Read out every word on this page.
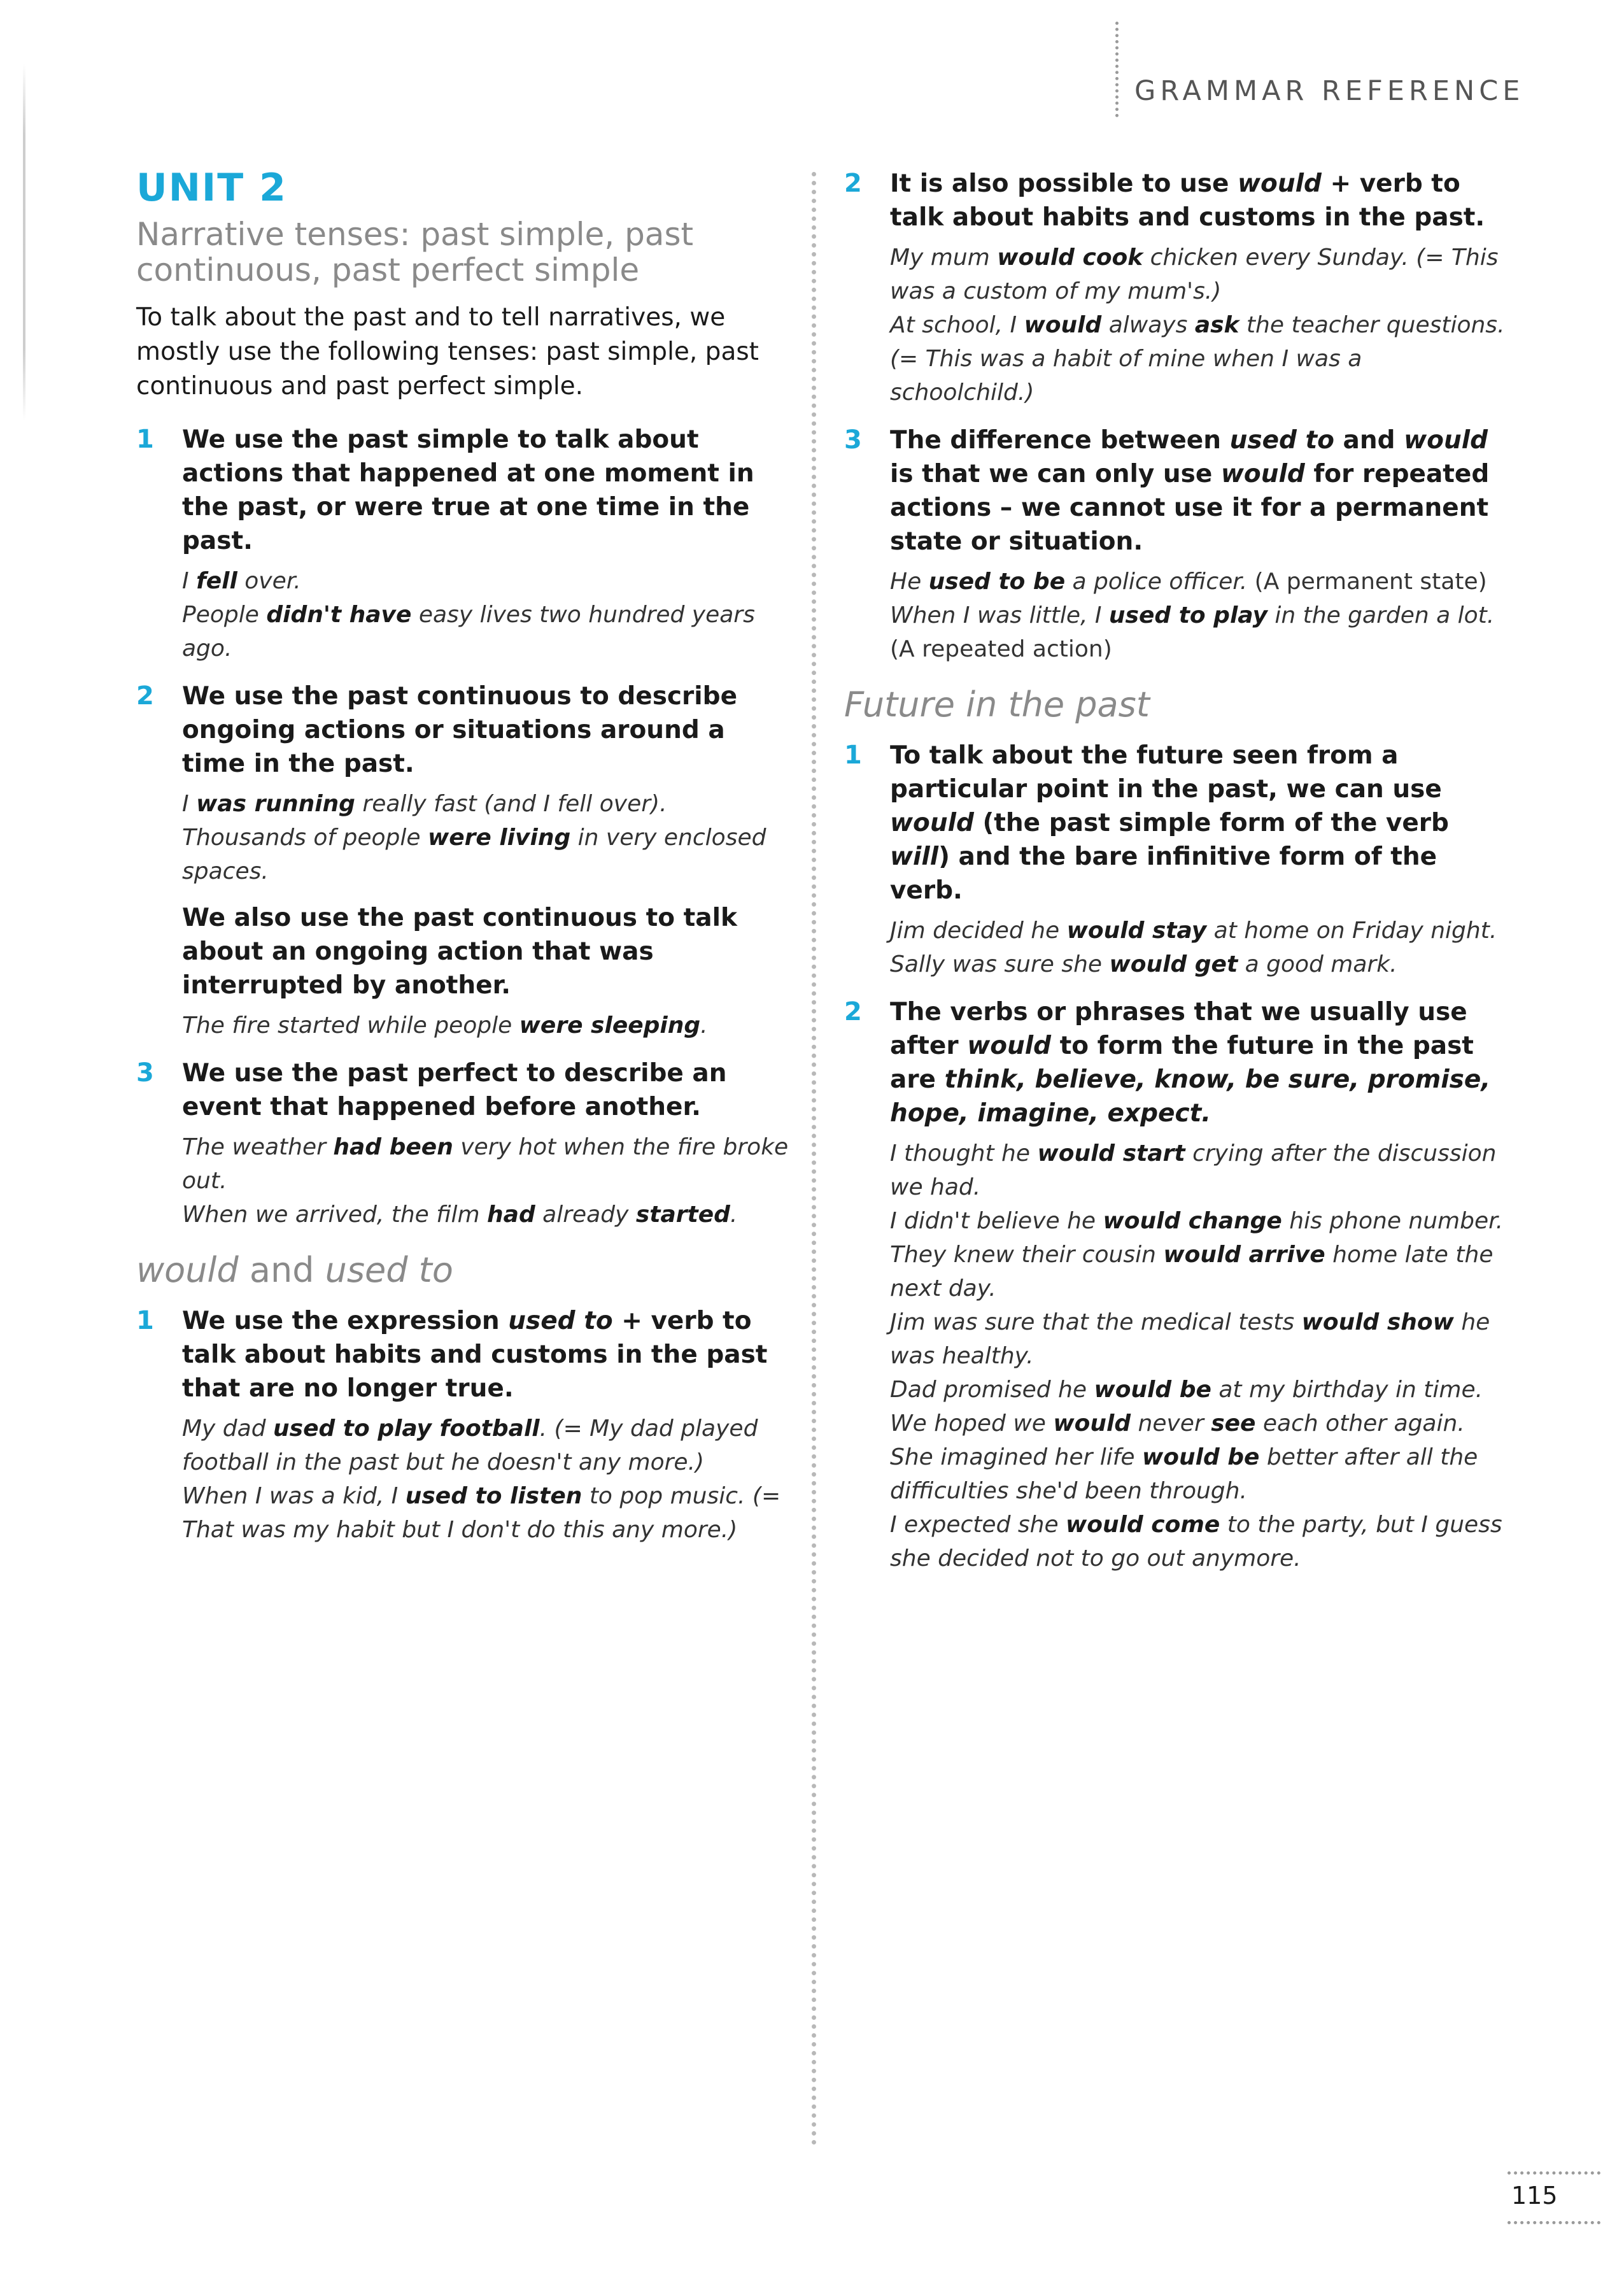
GRAMMAR REFERENCE
UNIT 2
Narrative tenses: past simple, past continuous, past perfect simple

To talk about the past and to tell narratives, we mostly use the following tenses: past simple, past continuous and past perfect simple.

1 We use the past simple to talk about actions that happened at one moment in the past, or were true at one time in the past.

I fell over.

People didn't have easy lives two hundred years ago.

2 We use the past continuous to describe ongoing actions or situations around a time in the past.

I was running really fast (and I fell over).

Thousands of people were living in very enclosed spaces.

We also use the past continuous to talk about an ongoing action that was interrupted by another.

The fire started while people were sleeping.

3 We use the past perfect to describe an event that happened before another.

The weather had been very hot when the fire broke out.

When we arrived, the film had already started.

would and used to
1 We use the expression used to + verb to talk about habits and customs in the past that are no longer true.

My dad used to play football. (= My dad played football in the past but he doesn't any more.)

When I was a kid, I used to listen to pop music. (= That was my habit but I don't do this any more.)

2 It is also possible to use would + verb to talk about habits and customs in the past.

My mum would cook chicken every Sunday. (= This was a custom of my mum's.)

At school, I would always ask the teacher questions. (= This was a habit of mine when I was a schoolchild.)

3 The difference between used to and would is that we can only use would for repeated actions – we cannot use it for a permanent state or situation.

He used to be a police officer. (A permanent state)

When I was little, I used to play in the garden a lot. (A repeated action)

Future in the past
1 To talk about the future seen from a particular point in the past, we can use would (the past simple form of the verb will) and the bare infinitive form of the verb.

Jim decided he would stay at home on Friday night.

Sally was sure she would get a good mark.

2 The verbs or phrases that we usually use after would to form the future in the past are think, believe, know, be sure, promise, hope, imagine, expect.

I thought he would start crying after the discussion we had.

I didn't believe he would change his phone number.

They knew their cousin would arrive home late the next day.

Jim was sure that the medical tests would show he was healthy.

Dad promised he would be at my birthday in time.

We hoped we would never see each other again.

She imagined her life would be better after all the difficulties she'd been through.

I expected she would come to the party, but I guess she decided not to go out anymore.

115
